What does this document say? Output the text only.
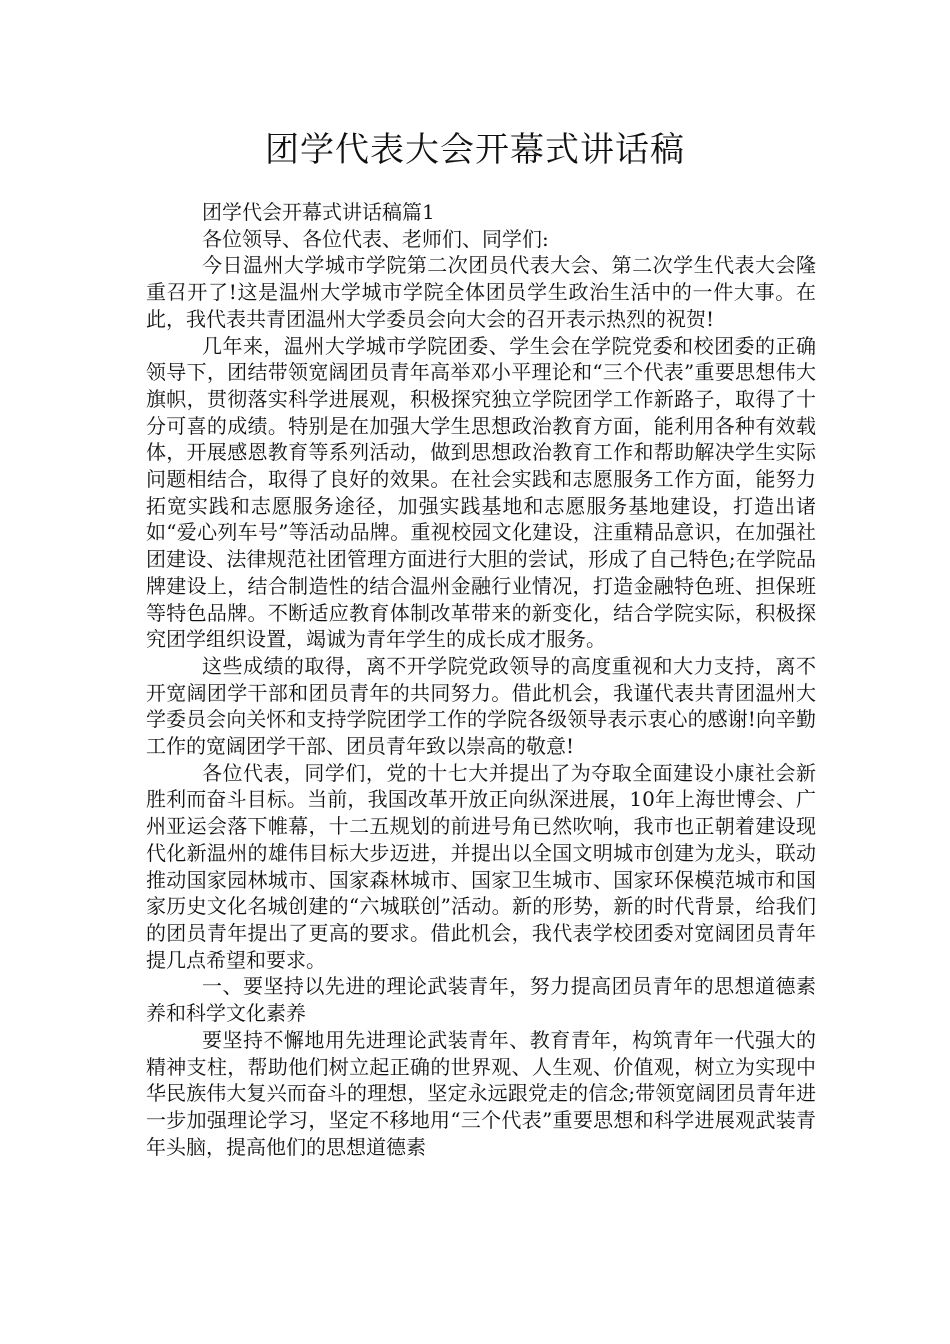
团学代表大会开幕式讲话稿

团学代会开幕式讲话稿篇1

各位领导、各位代表、老师们、同学们:

今日温州大学城市学院第二次团员代表大会、第二次学生代表大会隆重召开了!这是温州大学城市学院全体团员学生政治生活中的一件大事。在此，我代表共青团温州大学委员会向大会的召开表示热烈的祝贺!

几年来，温州大学城市学院团委、学生会在学院党委和校团委的正确领导下，团结带领宽阔团员青年高举邓小平理论和“三个代表”重要思想伟大旗帜，贯彻落实科学进展观，积极探究独立学院团学工作新路子，取得了十分可喜的成绩。特别是在加强大学生思想政治教育方面，能利用各种有效载体，开展感恩教育等系列活动，做到思想政治教育工作和帮助解决学生实际问题相结合，取得了良好的效果。在社会实践和志愿服务工作方面，能努力拓宽实践和志愿服务途径，加强实践基地和志愿服务基地建设，打造出诸如“爱心列车号”等活动品牌。重视校园文化建设，注重精品意识，在加强社团建设、法律规范社团管理方面进行大胆的尝试，形成了自己特色;在学院品牌建设上，结合制造性的结合温州金融行业情况，打造金融特色班、担保班等特色品牌。不断适应教育体制改革带来的新变化，结合学院实际，积极探究团学组织设置，竭诚为青年学生的成长成才服务。

这些成绩的取得，离不开学院党政领导的高度重视和大力支持，离不开宽阔团学干部和团员青年的共同努力。借此机会，我谨代表共青团温州大学委员会向关怀和支持学院团学工作的学院各级领导表示衷心的感谢!向辛勤工作的宽阔团学干部、团员青年致以崇高的敬意!

各位代表，同学们，党的十七大并提出了为夺取全面建设小康社会新胜利而奋斗目标。当前，我国改革开放正向纵深进展，10年上海世博会、广州亚运会落下帷幕，十二五规划的前进号角已然吹响，我市也正朝着建设现代化新温州的雄伟目标大步迈进，并提出以全国文明城市创建为龙头，联动推动国家园林城市、国家森林城市、国家卫生城市、国家环保模范城市和国家历史文化名城创建的“六城联创”活动。新的形势，新的时代背景，给我们的团员青年提出了更高的要求。借此机会，我代表学校团委对宽阔团员青年提几点希望和要求。

一、要坚持以先进的理论武装青年，努力提高团员青年的思想道德素养和科学文化素养

要坚持不懈地用先进理论武装青年、教育青年，构筑青年一代强大的精神支柱，帮助他们树立起正确的世界观、人生观、价值观，树立为实现中华民族伟大复兴而奋斗的理想，坚定永远跟党走的信念;带领宽阔团员青年进一步加强理论学习，坚定不移地用“三个代表”重要思想和科学进展观武装青年头脑，提高他们的思想道德素
